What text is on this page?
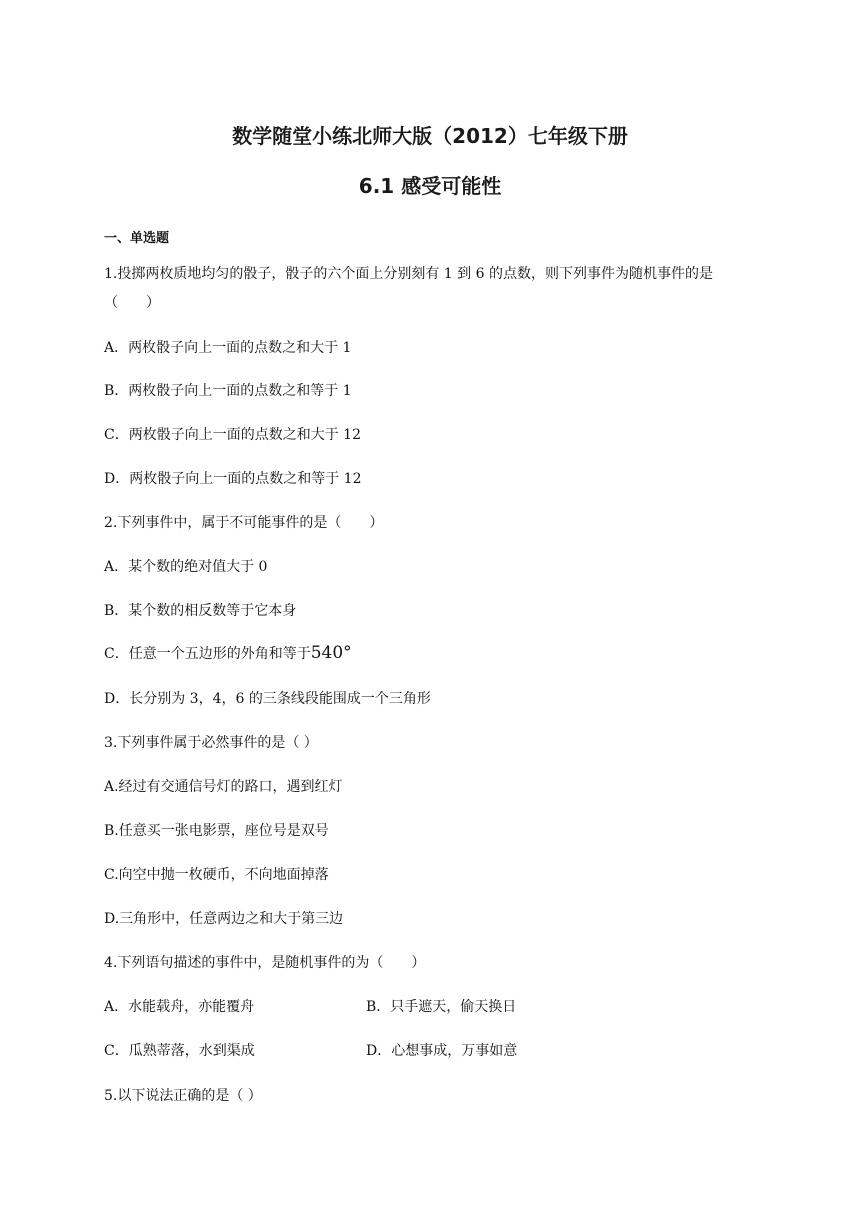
数学随堂小练北师大版（2012）七年级下册
6.1 感受可能性
一、单选题
1.投掷两枚质地均匀的骰子，骰子的六个面上分别刻有 1 到 6 的点数，则下列事件为随机事件的是
（　　）
A．两枚骰子向上一面的点数之和大于 1
B．两枚骰子向上一面的点数之和等于 1
C．两枚骰子向上一面的点数之和大于 12
D．两枚骰子向上一面的点数之和等于 12
2.下列事件中，属于不可能事件的是（　　）
A．某个数的绝对值大于 0
B．某个数的相反数等于它本身
C．任意一个五边形的外角和等于540°
D．长分别为 3，4，6 的三条线段能围成一个三角形
3.下列事件属于必然事件的是（ ）
A.经过有交通信号灯的路口，遇到红灯
B.任意买一张电影票，座位号是双号
C.向空中抛一枚硬币，不向地面掉落
D.三角形中，任意两边之和大于第三边
4.下列语句描述的事件中，是随机事件的为（　　）
A．水能载舟，亦能覆舟	B．只手遮天，偷天换日
C．瓜熟蒂落，水到渠成	D．心想事成，万事如意
5.以下说法正确的是（ ）
